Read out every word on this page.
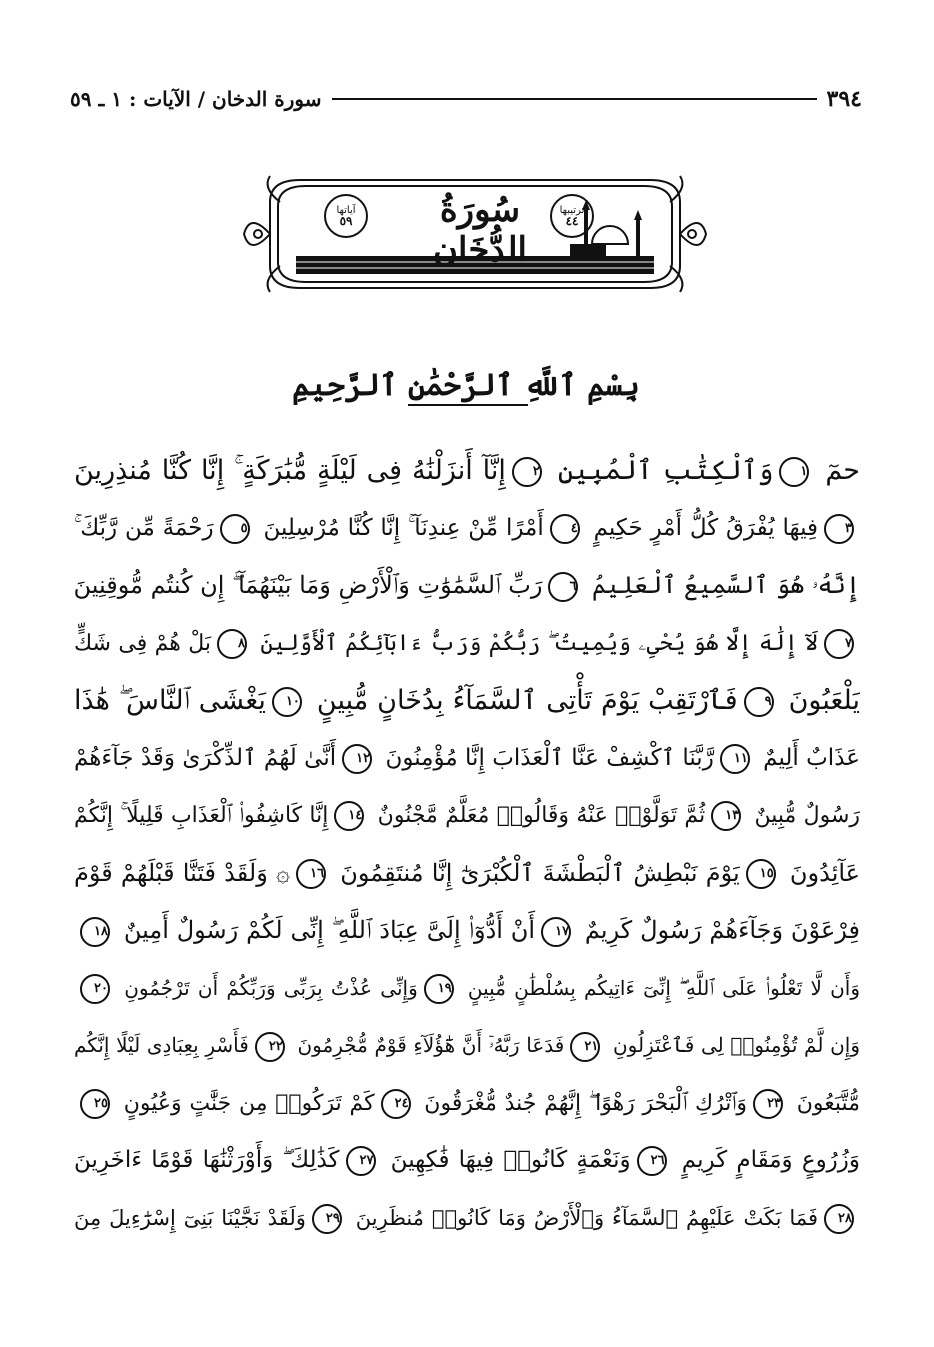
٣٩٤
سورة الدخان / الآيات : ١ ـ ٥٩
سُورَةُ الدُّخَانِ
ترتيبها
٤٤
آياتها
٥٩
بِسْمِ ٱللَّهِ ٱلرَّحْمَٰنِ ٱلرَّحِيمِ
حمٓ ١وَٱلْكِتَٰبِ ٱلْمُبِينِ ٢إِنَّآ أَنزَلْنَٰهُ فِى لَيْلَةٍ مُّبَٰرَكَةٍ ۚ إِنَّا كُنَّا مُنذِرِينَ
٣فِيهَا يُفْرَقُ كُلُّ أَمْرٍ حَكِيمٍ ٤أَمْرًا مِّنْ عِندِنَآ ۚ إِنَّا كُنَّا مُرْسِلِينَ ٥رَحْمَةً مِّن رَّبِّكَ ۚ
إِنَّهُۥ هُوَ ٱلسَّمِيعُ ٱلْعَلِيمُ ٦رَبِّ ٱلسَّمَٰوَٰتِ وَٱلْأَرْضِ وَمَا بَيْنَهُمَآ ۖ إِن كُنتُم مُّوقِنِينَ
٧لَآ إِلَٰهَ إِلَّا هُوَ يُحْىِۦ وَيُمِيتُ ۖ رَبُّكُمْ وَرَبُّ ءَابَآئِكُمُ ٱلْأَوَّلِينَ ٨بَلْ هُمْ فِى شَكٍّ
يَلْعَبُونَ ٩فَٱرْتَقِبْ يَوْمَ تَأْتِى ٱلسَّمَآءُ بِدُخَانٍ مُّبِينٍ ١٠يَغْشَى ٱلنَّاسَ ۖ هَٰذَا
عَذَابٌ أَلِيمٌ ١١رَّبَّنَا ٱكْشِفْ عَنَّا ٱلْعَذَابَ إِنَّا مُؤْمِنُونَ ١٢أَنَّىٰ لَهُمُ ٱلذِّكْرَىٰ وَقَدْ جَآءَهُمْ
رَسُولٌ مُّبِينٌ ١٣ثُمَّ تَوَلَّوْا۟ عَنْهُ وَقَالُوا۟ مُعَلَّمٌ مَّجْنُونٌ ١٤إِنَّا كَاشِفُوا۟ ٱلْعَذَابِ قَلِيلًا ۚ إِنَّكُمْ
عَآئِدُونَ ١٥يَوْمَ نَبْطِشُ ٱلْبَطْشَةَ ٱلْكُبْرَىٰٓ إِنَّا مُنتَقِمُونَ ١٦۞ وَلَقَدْ فَتَنَّا قَبْلَهُمْ قَوْمَ
فِرْعَوْنَ وَجَآءَهُمْ رَسُولٌ كَرِيمٌ ١٧أَنْ أَدُّوٓا۟ إِلَىَّ عِبَادَ ٱللَّهِ ۖ إِنِّى لَكُمْ رَسُولٌ أَمِينٌ ١٨
وَأَن لَّا تَعْلُوا۟ عَلَى ٱللَّهِ ۖ إِنِّىٓ ءَاتِيكُم بِسُلْطَٰنٍ مُّبِينٍ ١٩وَإِنِّى عُذْتُ بِرَبِّى وَرَبِّكُمْ أَن تَرْجُمُونِ ٢٠
وَإِن لَّمْ تُؤْمِنُوا۟ لِى فَٱعْتَزِلُونِ ٢١فَدَعَا رَبَّهُۥٓ أَنَّ هَٰٓؤُلَآءِ قَوْمٌ مُّجْرِمُونَ ٢٢فَأَسْرِ بِعِبَادِى لَيْلًا إِنَّكُم
مُّتَّبَعُونَ ٢٣وَٱتْرُكِ ٱلْبَحْرَ رَهْوًا ۖ إِنَّهُمْ جُندٌ مُّغْرَقُونَ ٢٤كَمْ تَرَكُوا۟ مِن جَنَّٰتٍ وَعُيُونٍ ٢٥
وَزُرُوعٍ وَمَقَامٍ كَرِيمٍ ٢٦وَنَعْمَةٍ كَانُوا۟ فِيهَا فَٰكِهِينَ ٢٧كَذَٰلِكَ ۖ وَأَوْرَثْنَٰهَا قَوْمًا ءَاخَرِينَ
٢٨فَمَا بَكَتْ عَلَيْهِمُ ٱلسَّمَآءُ وَٱلْأَرْضُ وَمَا كَانُوا۟ مُنظَرِينَ ٢٩وَلَقَدْ نَجَّيْنَا بَنِىٓ إِسْرَٰٓءِيلَ مِنَ
